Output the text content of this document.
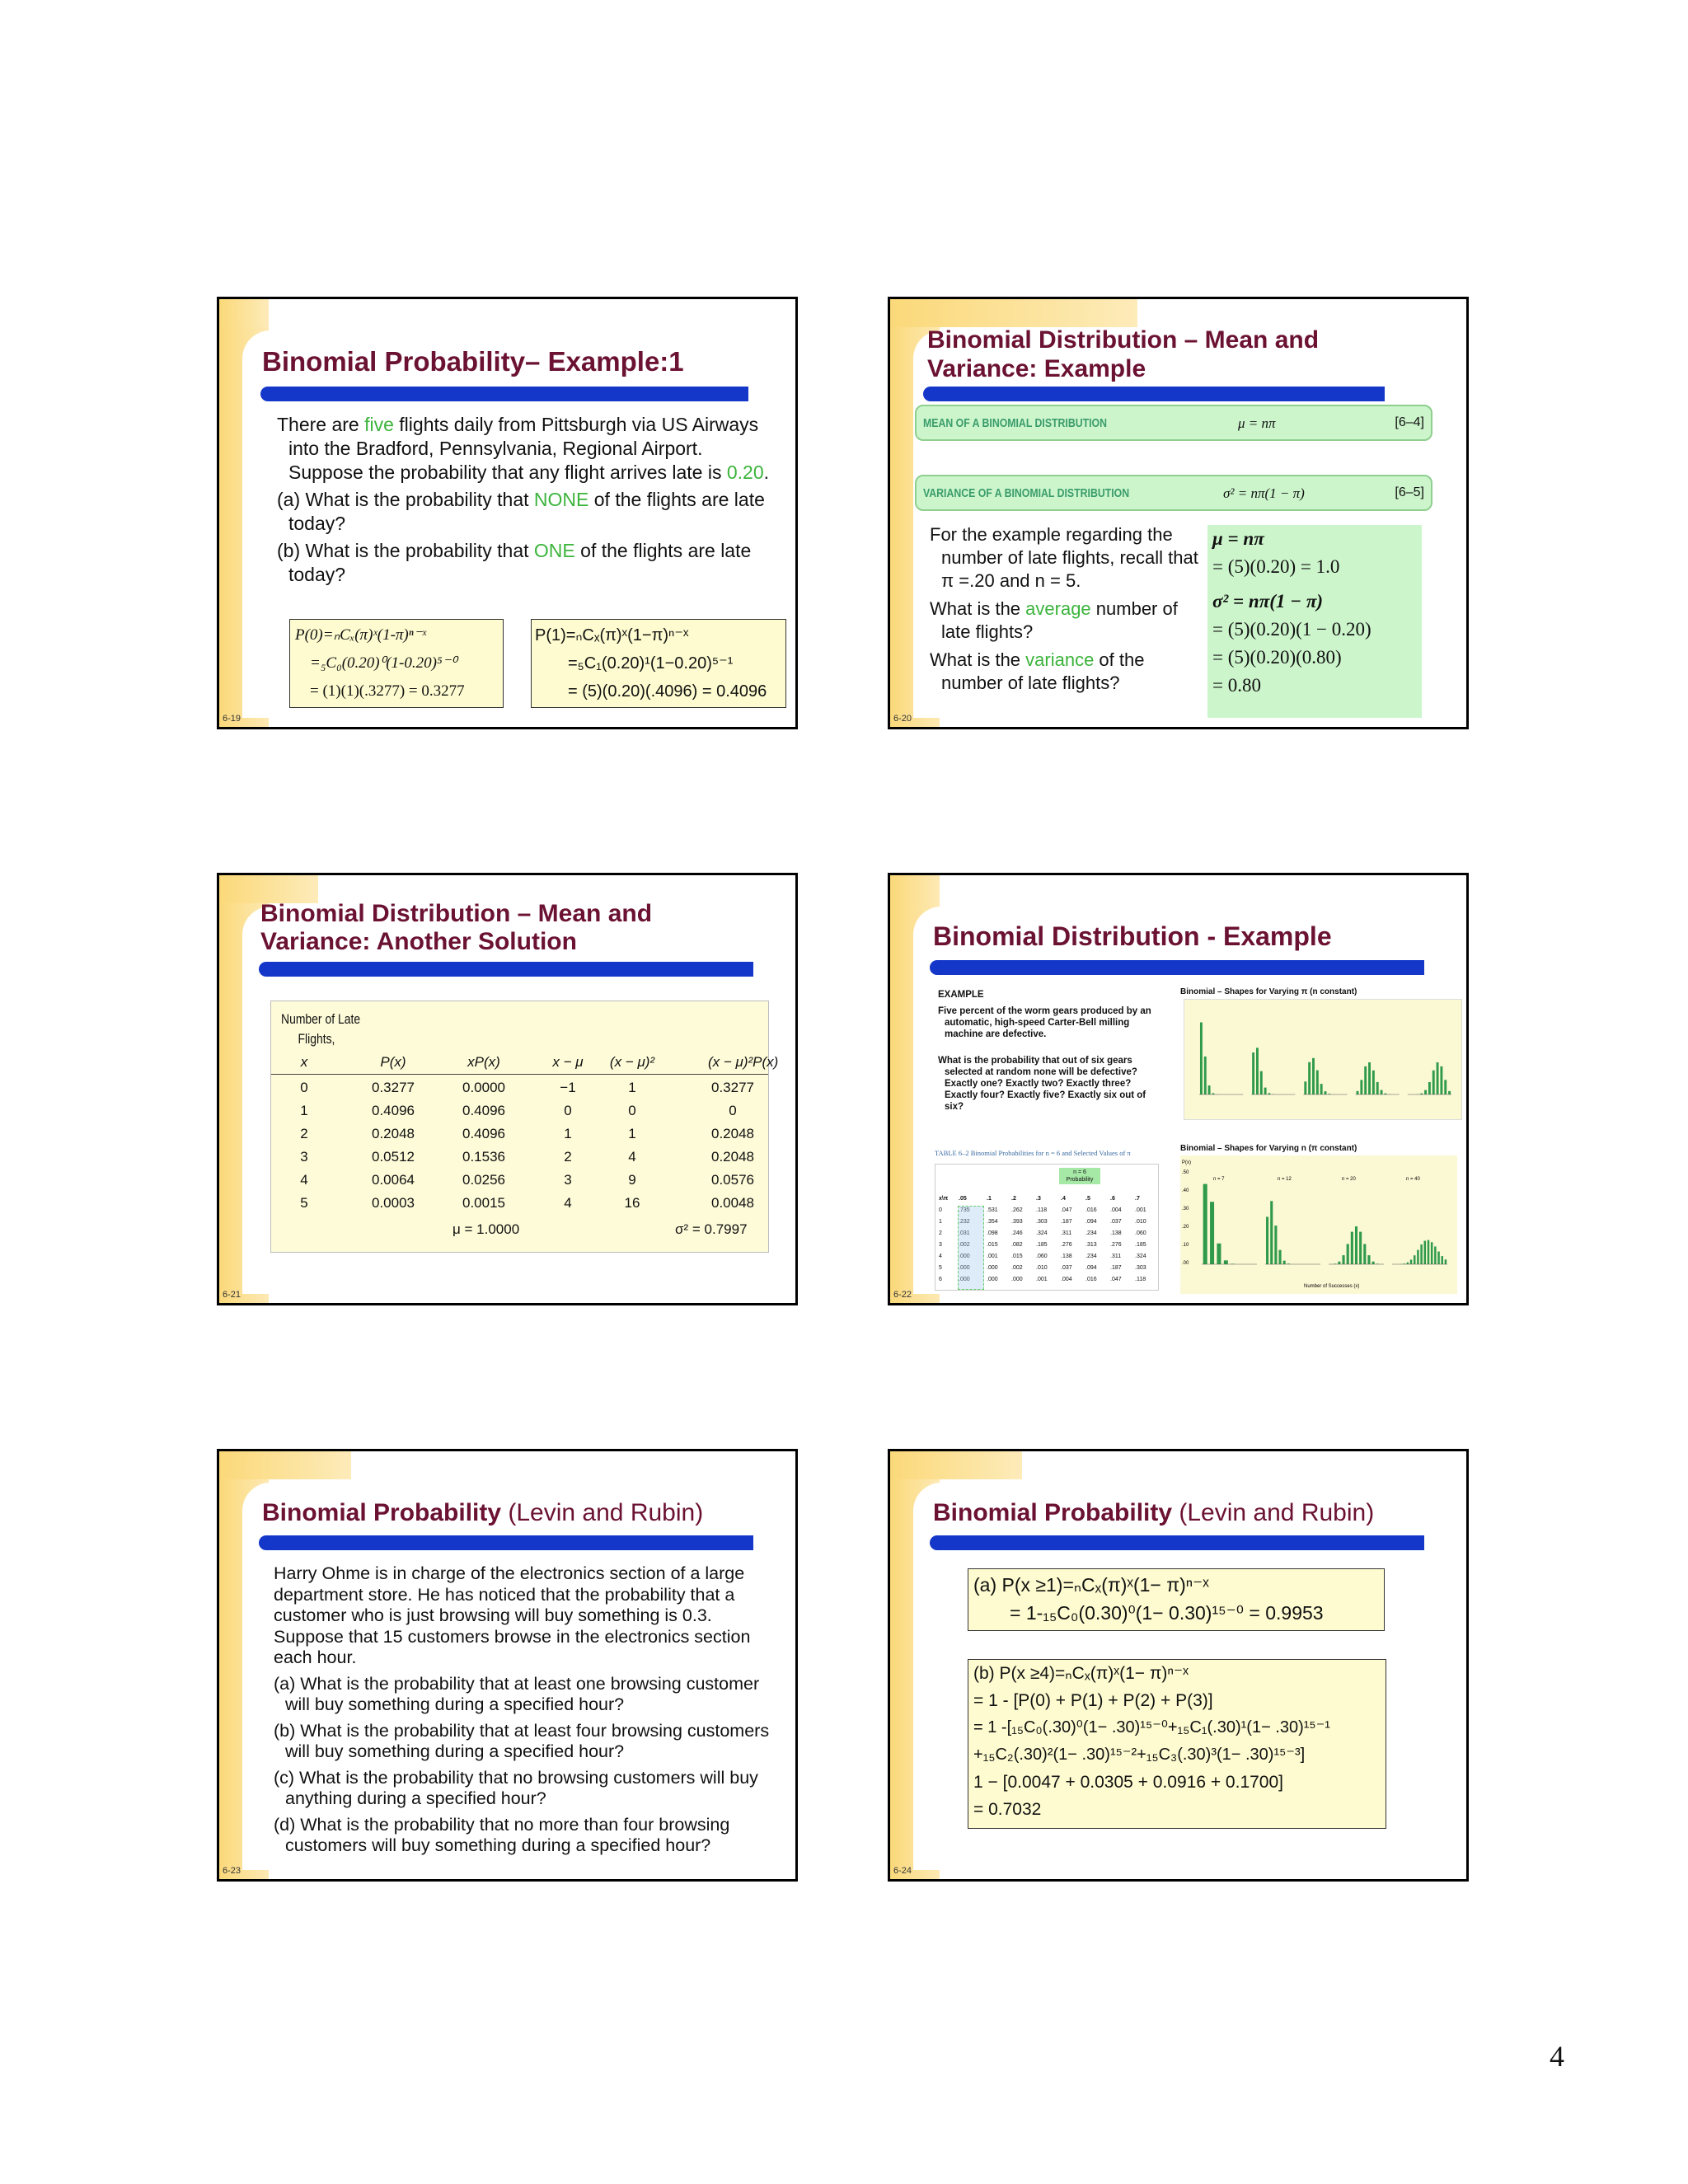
Binomial Probability– Example:1

There are five flights daily from Pittsburgh via US Airways into the Bradford, Pennsylvania, Regional Airport. Suppose the probability that any flight arrives late is 0.20.

(a) What is the probability that NONE of the flights are late today?

(b) What is the probability that ONE of the flights are late today?

P(0)=ₙCₓ(π)ˣ(1-π)ⁿ⁻ˣ
=₅C₀(0.20)⁰(1-0.20)⁵⁻⁰
= (1)(1)(.3277) = 0.3277
P(1)=ₙCₓ(π)ˣ(1−π)ⁿ⁻ˣ
=₅C₁(0.20)¹(1−0.20)⁵⁻¹
= (5)(0.20)(.4096) = 0.4096
6-19
Binomial Distribution – Mean and
Variance: Example
MEAN OF A BINOMIAL DISTRIBUTION	μ = nπ	[6–4]
VARIANCE OF A BINOMIAL DISTRIBUTION	σ² = nπ(1 − π)	[6–5]

For the example regarding the number of late flights, recall that π =.20 and n = 5.

What is the average number of late flights?

What is the variance of the number of late flights?

μ = nπ
= (5)(0.20) = 1.0
σ² = nπ(1 − π)
= (5)(0.20)(1 − 0.20)
= (5)(0.20)(0.80)
= 0.80
6-20
Binomial Distribution – Mean and
Variance: Another Solution
Number of Late
Flights,
x	P(x)	xP(x)	x − μ	(x − μ)²	(x − μ)²P(x)
0	0.3277	0.0000	−1	1	0.3277
1	0.4096	0.4096	0	0	0
2	0.2048	0.4096	1	1	0.2048
3	0.0512	0.1536	2	4	0.2048
4	0.0064	0.0256	3	9	0.0576
5	0.0003	0.0015	4	16	0.0048
μ = 1.0000	σ² = 0.7997
6-21
Binomial Distribution - Example
EXAMPLE
Five percent of the worm gears produced by an automatic, high-speed Carter-Bell milling machine are defective.
What is the probability that out of six gears selected at random none will be defective? Exactly one? Exactly two? Exactly three? Exactly four? Exactly five? Exactly six out of six?
TABLE 6–2 Binomial Probabilities for n = 6 and Selected Values of π
n = 6 Probability
x\π .05	.1	.2	.3	.4	.5	.6	.7
0	.735	.531 .262 .118 .047 .016 .004 .001
1	.232	.354 .393 .303 .187 .094 .037 .010
2	.031	.098 .246 .324 .311 .234 .138 .060
3	.002	.015 .082 .185 .276 .313 .276 .185
4	.000	.001 .015 .060 .138 .234 .311 .324
5	.000	.000 .002 .010 .037 .094 .187 .303
6	.000	.000 .000 .001 .004 .016 .047 .118
Binomial – Shapes for Varying π (n constant)
Binomial – Shapes for Varying n (π constant)
P(x)
.50
.40
.30
.20
.10
.00
n = 7	n = 12	n = 20	n = 40
Number of Successes (x)
6-22
Binomial Probability (Levin and Rubin)

Harry Ohme is in charge of the electronics section of a large department store. He has noticed that the probability that a customer who is just browsing will buy something is 0.3. Suppose that 15 customers browse in the electronics section each hour.

(a) What is the probability that at least one browsing customer will buy something during a specified hour?

(b) What is the probability that at least four browsing customers will buy something during a specified hour?

(c) What is the probability that no browsing customers will buy anything during a specified hour?

(d) What is the probability that no more than four browsing customers will buy something during a specified hour?

6-23
Binomial Probability (Levin and Rubin)
(a) P(x ≥1)=ₙCₓ(π)ˣ(1− π)ⁿ⁻ˣ
= 1-₁₅C₀(0.30)⁰(1− 0.30)¹⁵⁻⁰ = 0.9953
(b) P(x ≥4)=ₙCₓ(π)ˣ(1− π)ⁿ⁻ˣ
= 1 - [P(0) + P(1) + P(2) + P(3)]
= 1 -[₁₅C₀(.30)⁰(1− .30)¹⁵⁻⁰+₁₅C₁(.30)¹(1− .30)¹⁵⁻¹
+₁₅C₂(.30)²(1− .30)¹⁵⁻²+₁₅C₃(.30)³(1− .30)¹⁵⁻³]
1 − [0.0047 + 0.0305 + 0.0916 + 0.1700]
= 0.7032
6-24
4
